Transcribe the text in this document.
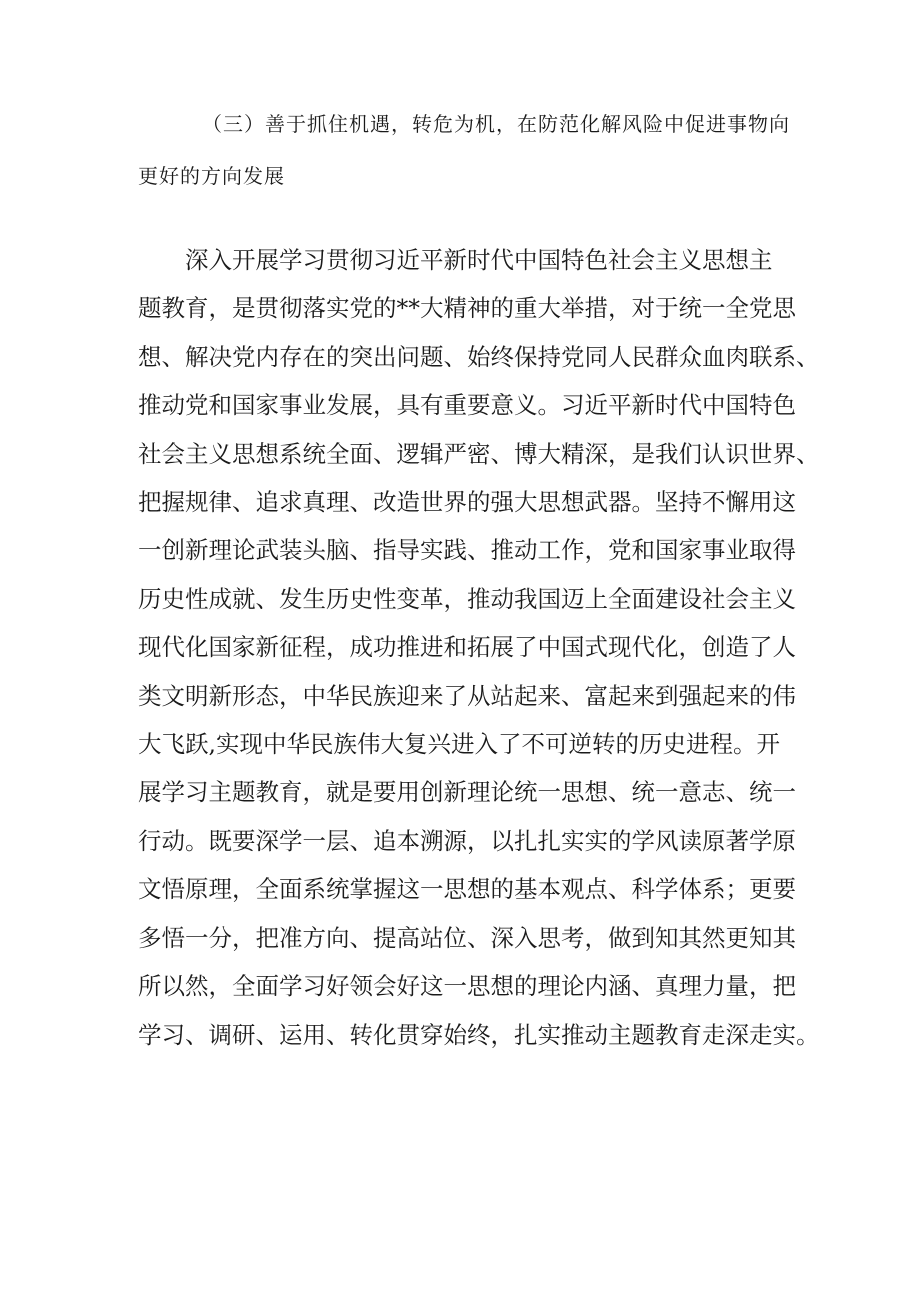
（三）善于抓住机遇，转危为机，在防范化解风险中促进事物向
更好的方向发展

深入开展学习贯彻习近平新时代中国特色社会主义思想主
题教育，是贯彻落实党的**大精神的重大举措，对于统一全党思
想、解决党内存在的突出问题、始终保持党同人民群众血肉联系、
推动党和国家事业发展，具有重要意义。习近平新时代中国特色
社会主义思想系统全面、逻辑严密、博大精深，是我们认识世界、
把握规律、追求真理、改造世界的强大思想武器。坚持不懈用这
一创新理论武装头脑、指导实践、推动工作，党和国家事业取得
历史性成就、发生历史性变革，推动我国迈上全面建设社会主义
现代化国家新征程，成功推进和拓展了中国式现代化，创造了人
类文明新形态，中华民族迎来了从站起来、富起来到强起来的伟
大飞跃,实现中华民族伟大复兴进入了不可逆转的历史进程。开
展学习主题教育，就是要用创新理论统一思想、统一意志、统一
行动。既要深学一层、追本溯源，以扎扎实实的学风读原著学原
文悟原理，全面系统掌握这一思想的基本观点、科学体系；更要
多悟一分，把准方向、提高站位、深入思考，做到知其然更知其
所以然，全面学习好领会好这一思想的理论内涵、真理力量，把
学习、调研、运用、转化贯穿始终，扎实推动主题教育走深走实。
